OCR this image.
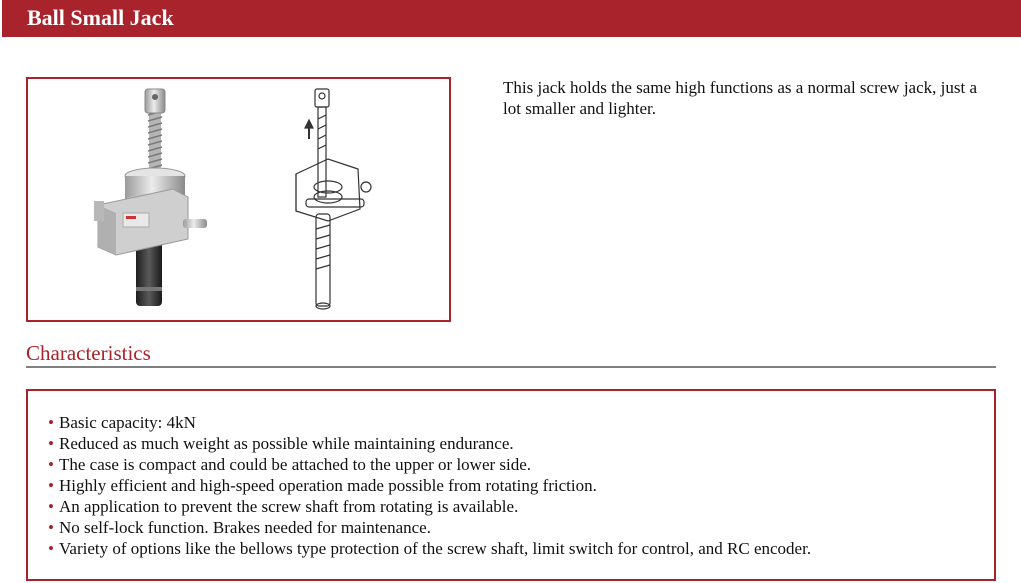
Ball Small Jack

This jack holds the same high functions as a normal screw jack, just a lot smaller and lighter.

Characteristics
• Basic capacity: 4kN
• Reduced as much weight as possible while maintaining endurance.
• The case is compact and could be attached to the upper or lower side.
• Highly efficient and high-speed operation made possible from rotating friction.
• An application to prevent the screw shaft from rotating is available.
• No self-lock function. Brakes needed for maintenance.
• Variety of options like the bellows type protection of the screw shaft, limit switch for control, and RC encoder.
